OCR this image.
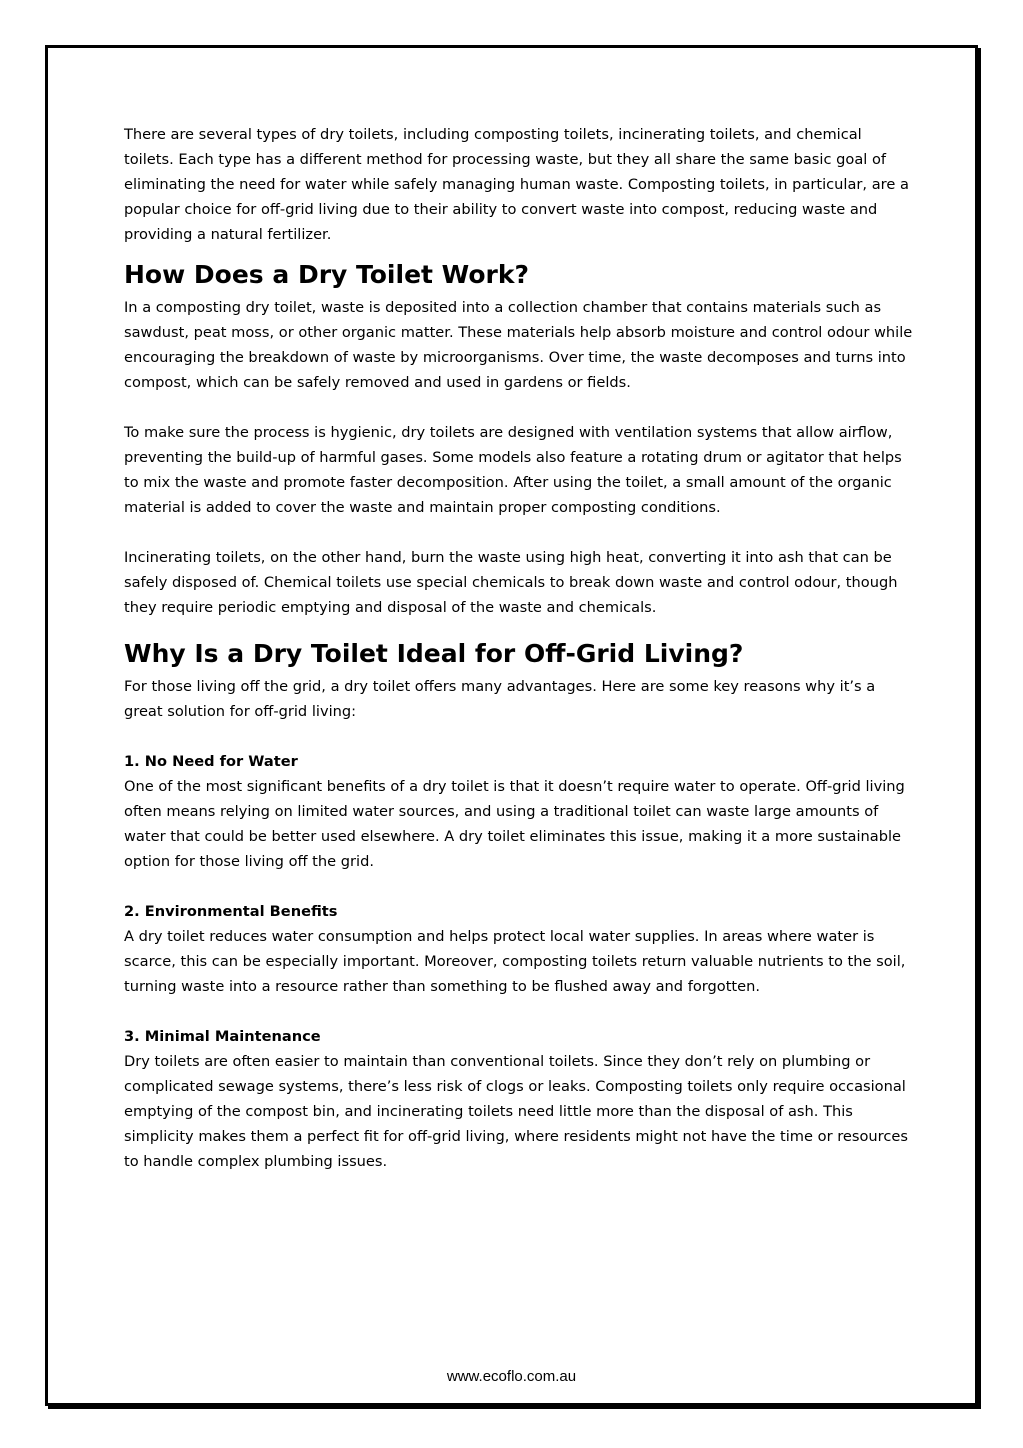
There are several types of dry toilets, including composting toilets, incinerating toilets, and chemical toilets. Each type has a different method for processing waste, but they all share the same basic goal of eliminating the need for water while safely managing human waste. Composting toilets, in particular, are a popular choice for off-grid living due to their ability to convert waste into compost, reducing waste and providing a natural fertilizer.

How Does a Dry Toilet Work?

In a composting dry toilet, waste is deposited into a collection chamber that contains materials such as sawdust, peat moss, or other organic matter. These materials help absorb moisture and control odour while encouraging the breakdown of waste by microorganisms. Over time, the waste decomposes and turns into compost, which can be safely removed and used in gardens or fields.

To make sure the process is hygienic, dry toilets are designed with ventilation systems that allow airflow, preventing the build-up of harmful gases. Some models also feature a rotating drum or agitator that helps to mix the waste and promote faster decomposition. After using the toilet, a small amount of the organic material is added to cover the waste and maintain proper composting conditions.

Incinerating toilets, on the other hand, burn the waste using high heat, converting it into ash that can be safely disposed of. Chemical toilets use special chemicals to break down waste and control odour, though they require periodic emptying and disposal of the waste and chemicals.

Why Is a Dry Toilet Ideal for Off-Grid Living?

For those living off the grid, a dry toilet offers many advantages. Here are some key reasons why it’s a great solution for off-grid living:

1. No Need for Water

One of the most significant benefits of a dry toilet is that it doesn’t require water to operate. Off-grid living often means relying on limited water sources, and using a traditional toilet can waste large amounts of water that could be better used elsewhere. A dry toilet eliminates this issue, making it a more sustainable option for those living off the grid.

2. Environmental Benefits

A dry toilet reduces water consumption and helps protect local water supplies. In areas where water is scarce, this can be especially important. Moreover, composting toilets return valuable nutrients to the soil, turning waste into a resource rather than something to be flushed away and forgotten.

3. Minimal Maintenance

Dry toilets are often easier to maintain than conventional toilets. Since they don’t rely on plumbing or complicated sewage systems, there’s less risk of clogs or leaks. Composting toilets only require occasional emptying of the compost bin, and incinerating toilets need little more than the disposal of ash. This simplicity makes them a perfect fit for off-grid living, where residents might not have the time or resources to handle complex plumbing issues.

www.ecoflo.com.au
